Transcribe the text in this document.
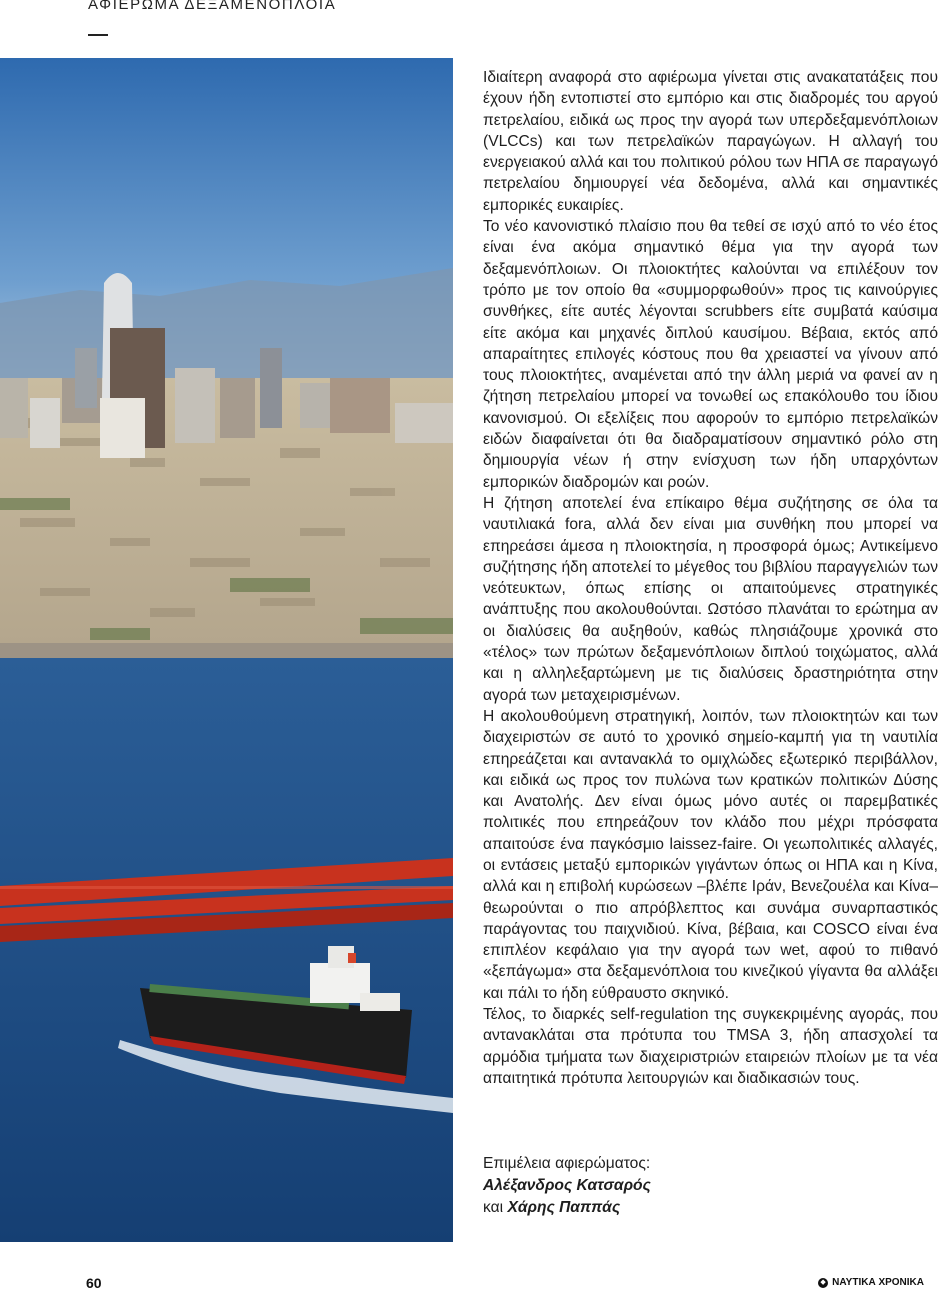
ΑΦΙΕΡΩΜΑ ΔΕΞΑΜΕΝΟΠΛΟΙΑ

Ιδιαίτερη αναφορά στο αφιέρωμα γίνεται στις ανακατατάξεις που έχουν ήδη εντοπιστεί στο εμπόριο και στις διαδρομές του αργού πετρελαίου, ειδικά ως προς την αγορά των υπερδεξαμενόπλοιων (VLCCs) και των πετρελαϊκών παραγώγων. Η αλλαγή του ενεργειακού αλλά και του πολιτικού ρόλου των ΗΠΑ σε παραγωγό πετρελαίου δημιουργεί νέα δεδομένα, αλλά και σημαντικές εμπορικές ευκαιρίες.

Το νέο κανονιστικό πλαίσιο που θα τεθεί σε ισχύ από το νέο έτος είναι ένα ακόμα σημαντικό θέμα για την αγορά των δεξαμενόπλοιων. Οι πλοιοκτήτες καλούνται να επιλέξουν τον τρόπο με τον οποίο θα «συμμορφωθούν» προς τις καινούργιες συνθήκες, είτε αυτές λέγονται scrubbers είτε συμβατά καύσιμα είτε ακόμα και μηχανές διπλού καυσίμου. Βέβαια, εκτός από απαραίτητες επιλογές κόστους που θα χρειαστεί να γίνουν από τους πλοιοκτήτες, αναμένεται από την άλλη μεριά να φανεί αν η ζήτηση πετρελαίου μπορεί να τονωθεί ως επακόλουθο του ίδιου κανονισμού. Οι εξελίξεις που αφορούν το εμπόριο πετρελαϊκών ειδών διαφαίνεται ότι θα διαδραματίσουν σημαντικό ρόλο στη δημιουργία νέων ή στην ενίσχυση των ήδη υπαρχόντων εμπορικών διαδρομών και ροών.

Η ζήτηση αποτελεί ένα επίκαιρο θέμα συζήτησης σε όλα τα ναυτιλιακά fora, αλλά δεν είναι μια συνθήκη που μπορεί να επηρεάσει άμεσα η πλοιοκτησία, η προσφορά όμως; Αντικείμενο συζήτησης ήδη αποτελεί το μέγεθος του βιβλίου παραγγελιών των νεότευκτων, όπως επίσης οι απαιτούμενες στρατηγικές ανάπτυξης που ακολουθούνται. Ωστόσο πλανάται το ερώτημα αν οι διαλύσεις θα αυξηθούν, καθώς πλησιάζουμε χρονικά στο «τέλος» των πρώτων δεξαμενόπλοιων διπλού τοιχώματος, αλλά και η αλληλεξαρτώμενη με τις διαλύσεις δραστηριότητα στην αγορά των μεταχειρισμένων.

Η ακολουθούμενη στρατηγική, λοιπόν, των πλοιοκτητών και των διαχειριστών σε αυτό το χρονικό σημείο-καμπή για τη ναυτιλία επηρεάζεται και αντανακλά το ομιχλώδες εξωτερικό περιβάλλον, και ειδικά ως προς τον πυλώνα των κρατικών πολιτικών Δύσης και Ανατολής. Δεν είναι όμως μόνο αυτές οι παρεμβατικές πολιτικές που επηρεάζουν τον κλάδο που μέχρι πρόσφατα απαιτούσε ένα παγκόσμιο laissez-faire. Οι γεωπολιτικές αλλαγές, οι εντάσεις μεταξύ εμπορικών γιγάντων όπως οι ΗΠΑ και η Κίνα, αλλά και η επιβολή κυρώσεων –βλέπε Ιράν, Βενεζουέλα και Κίνα– θεωρούνται ο πιο απρόβλεπτος και συνάμα συναρπαστικός παράγοντας του παιχνιδιού. Κίνα, βέβαια, και COSCO είναι ένα επιπλέον κεφάλαιο για την αγορά των wet, αφού το πιθανό «ξεπάγωμα» στα δεξαμενόπλοια του κινεζικού γίγαντα θα αλλάξει και πάλι το ήδη εύθραυστο σκηνικό.

Τέλος, το διαρκές self-regulation της συγκεκριμένης αγοράς, που αντανακλάται στα πρότυπα του TMSA 3, ήδη απασχολεί τα αρμόδια τμήματα των διαχειριστριών εταιρειών πλοίων με τα νέα απαιτητικά πρότυπα λειτουργιών και διαδικασιών τους.

Επιμέλεια αφιερώματος:
Αλέξανδρος Κατσαρός
και Χάρης Παππάς
60	◆ ΝΑΥΤΙΚΑ ΧΡΟΝΙΚΑ
